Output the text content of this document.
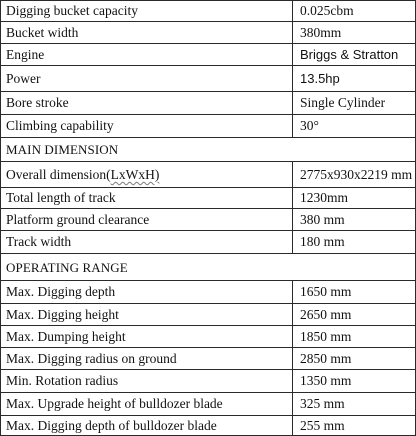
Digging bucket capacity	0.025cbm
Bucket width	380mm
Engine	Briggs & Stratton
Power	13.5hp
Bore stroke	Single Cylinder
Climbing capability	30°
MAIN DIMENSION
Overall dimension( LxWxH)	2775x930x2219 mm
Total length of track	1230mm
Platform ground clearance	380 mm
Track width	180 mm
OPERATING RANGE
Max. Digging depth	1650 mm
Max. Digging height	2650 mm
Max. Dumping height	1850 mm
Max. Digging radius on ground	2850 mm
Min. Rotation radius	1350 mm
Max. Upgrade height of bulldozer blade	325 mm
Max. Digging depth of bulldozer blade	255 mm
